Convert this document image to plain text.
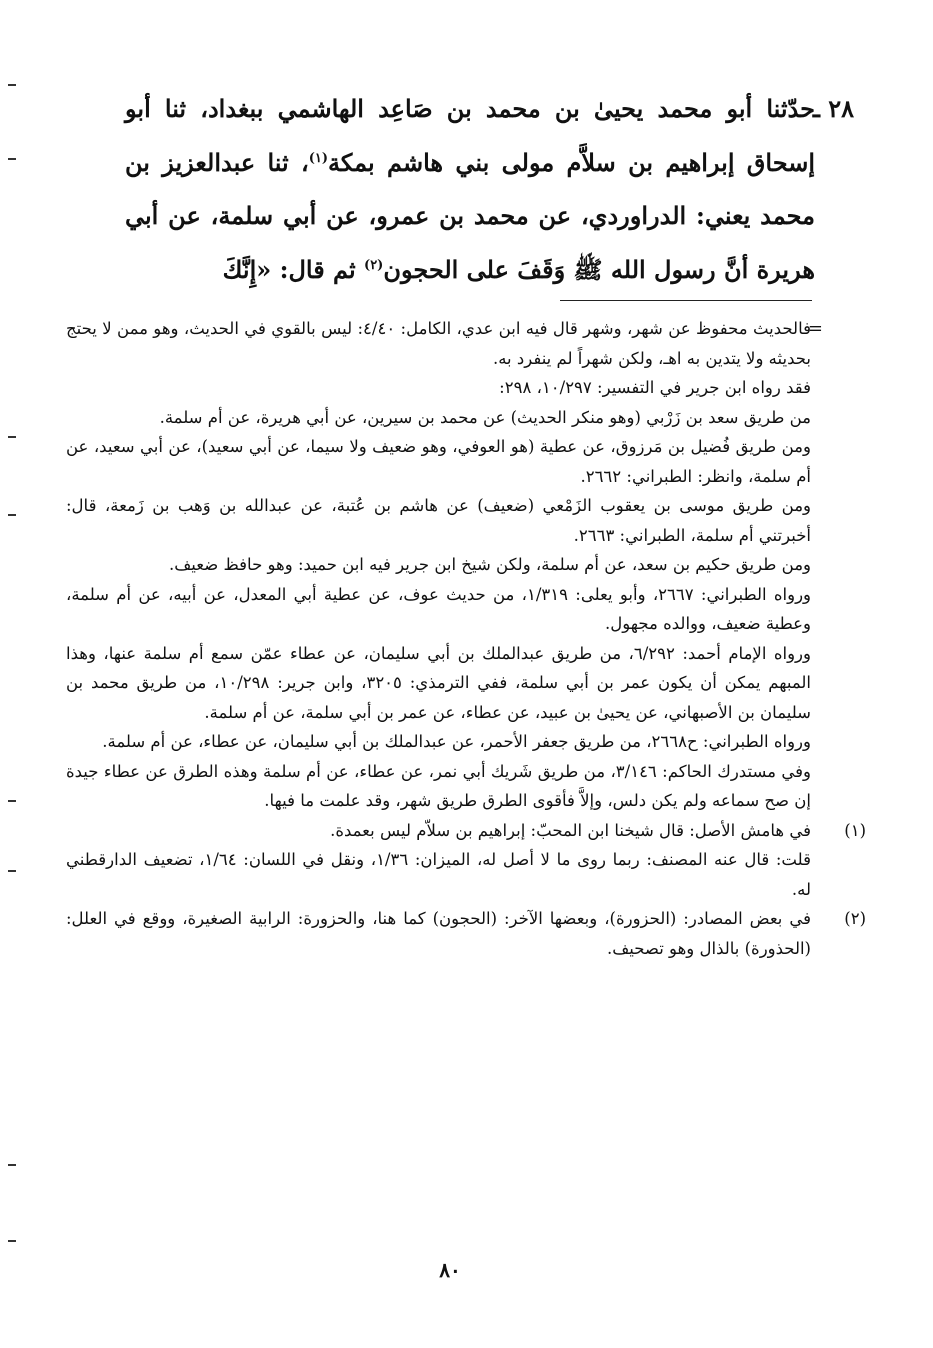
٢٨ ـ
حدّثنا أبو محمد يحيىٰ بن محمد بن صَاعِد الهاشمي ببغداد، ثنا أبو إسحاق إبراهيم بن سلاَّم مولى بني هاشم بمكة$^{(١)}$، ثنا عبدالعزيز بن محمد يعني: الدراوردي، عن محمد بن عمرو، عن أبي سلمة، عن أبي هريرة أنَّ رسول الله ﷺ وَقَفَ على الحجون$^{(٢)}$ ثم قال: «إِنَّكَ
=

فالحديث محفوظ عن شهر، وشهر قال فيه ابن عدي، الكامل: ٤/٤٠: ليس بالقوي في الحديث، وهو ممن لا يحتج بحديثه ولا يتدين به اهـ، ولكن شهراً لم ينفرد به.

فقد رواه ابن جرير في التفسير: ١٠/٢٩٧، ٢٩٨:

من طريق سعد بن زَرْبي (وهو منكر الحديث) عن محمد بن سيرين، عن أبي هريرة، عن أم سلمة.

ومن طريق فُضيل بن مَرزوق، عن عطية (هو العوفي، وهو ضعيف ولا سيما، عن أبي سعيد)، عن أبي سعيد، عن أم سلمة، وانظر: الطبراني: ٢٦٦٢.

ومن طريق موسى بن يعقوب الزَمْعي (ضعيف) عن هاشم بن عُتبة، عن عبدالله بن وَهب بن زَمعة، قال: أخبرتني أم سلمة، الطبراني: ٢٦٦٣.

ومن طريق حكيم بن سعد، عن أم سلمة، ولكن شيخ ابن جرير فيه ابن حميد: وهو حافظ ضعيف.

ورواه الطبراني: ٢٦٦٧، وأبو يعلى: ١/٣١٩، من حديث عوف، عن عطية أبي المعدل، عن أبيه، عن أم سلمة، وعطية ضعيف، ووالده مجهول.

ورواه الإمام أحمد: ٦/٢٩٢، من طريق عبدالملك بن أبي سليمان، عن عطاء عمّن سمع أم سلمة عنها، وهذا المبهم يمكن أن يكون عمر بن أبي سلمة، ففي الترمذي: ٣٢٠٥، وابن جرير: ١٠/٢٩٨، من طريق محمد بن سليمان بن الأصبهاني، عن يحيىٰ بن عبيد، عن عطاء، عن عمر بن أبي سلمة، عن أم سلمة.

ورواه الطبراني: ح٢٦٦٨، من طريق جعفر الأحمر، عن عبدالملك بن أبي سليمان، عن عطاء، عن أم سلمة.

وفي مستدرك الحاكم: ٣/١٤٦، من طريق شَريك أبي نمر، عن عطاء، عن أم سلمة وهذه الطرق عن عطاء جيدة إن صح سماعه ولم يكن دلس، وإلاَّ فأقوى الطرق طريق شهر، وقد علمت ما فيها.

(١)

في هامش الأصل: قال شيخنا ابن المحبّ: إبراهيم بن سلاّم ليس بعمدة.

قلت: قال عنه المصنف: ربما روى ما لا أصل له، الميزان: ١/٣٦، ونقل في اللسان: ١/٦٤، تضعيف الدارقطني له.

(٢)

في بعض المصادر: (الحزورة)، وبعضها الآخر: (الحجون) كما هنا، والحزورة: الرابية الصغيرة، ووقع في العلل: (الحذورة) بالذال وهو تصحيف.

٨٠
